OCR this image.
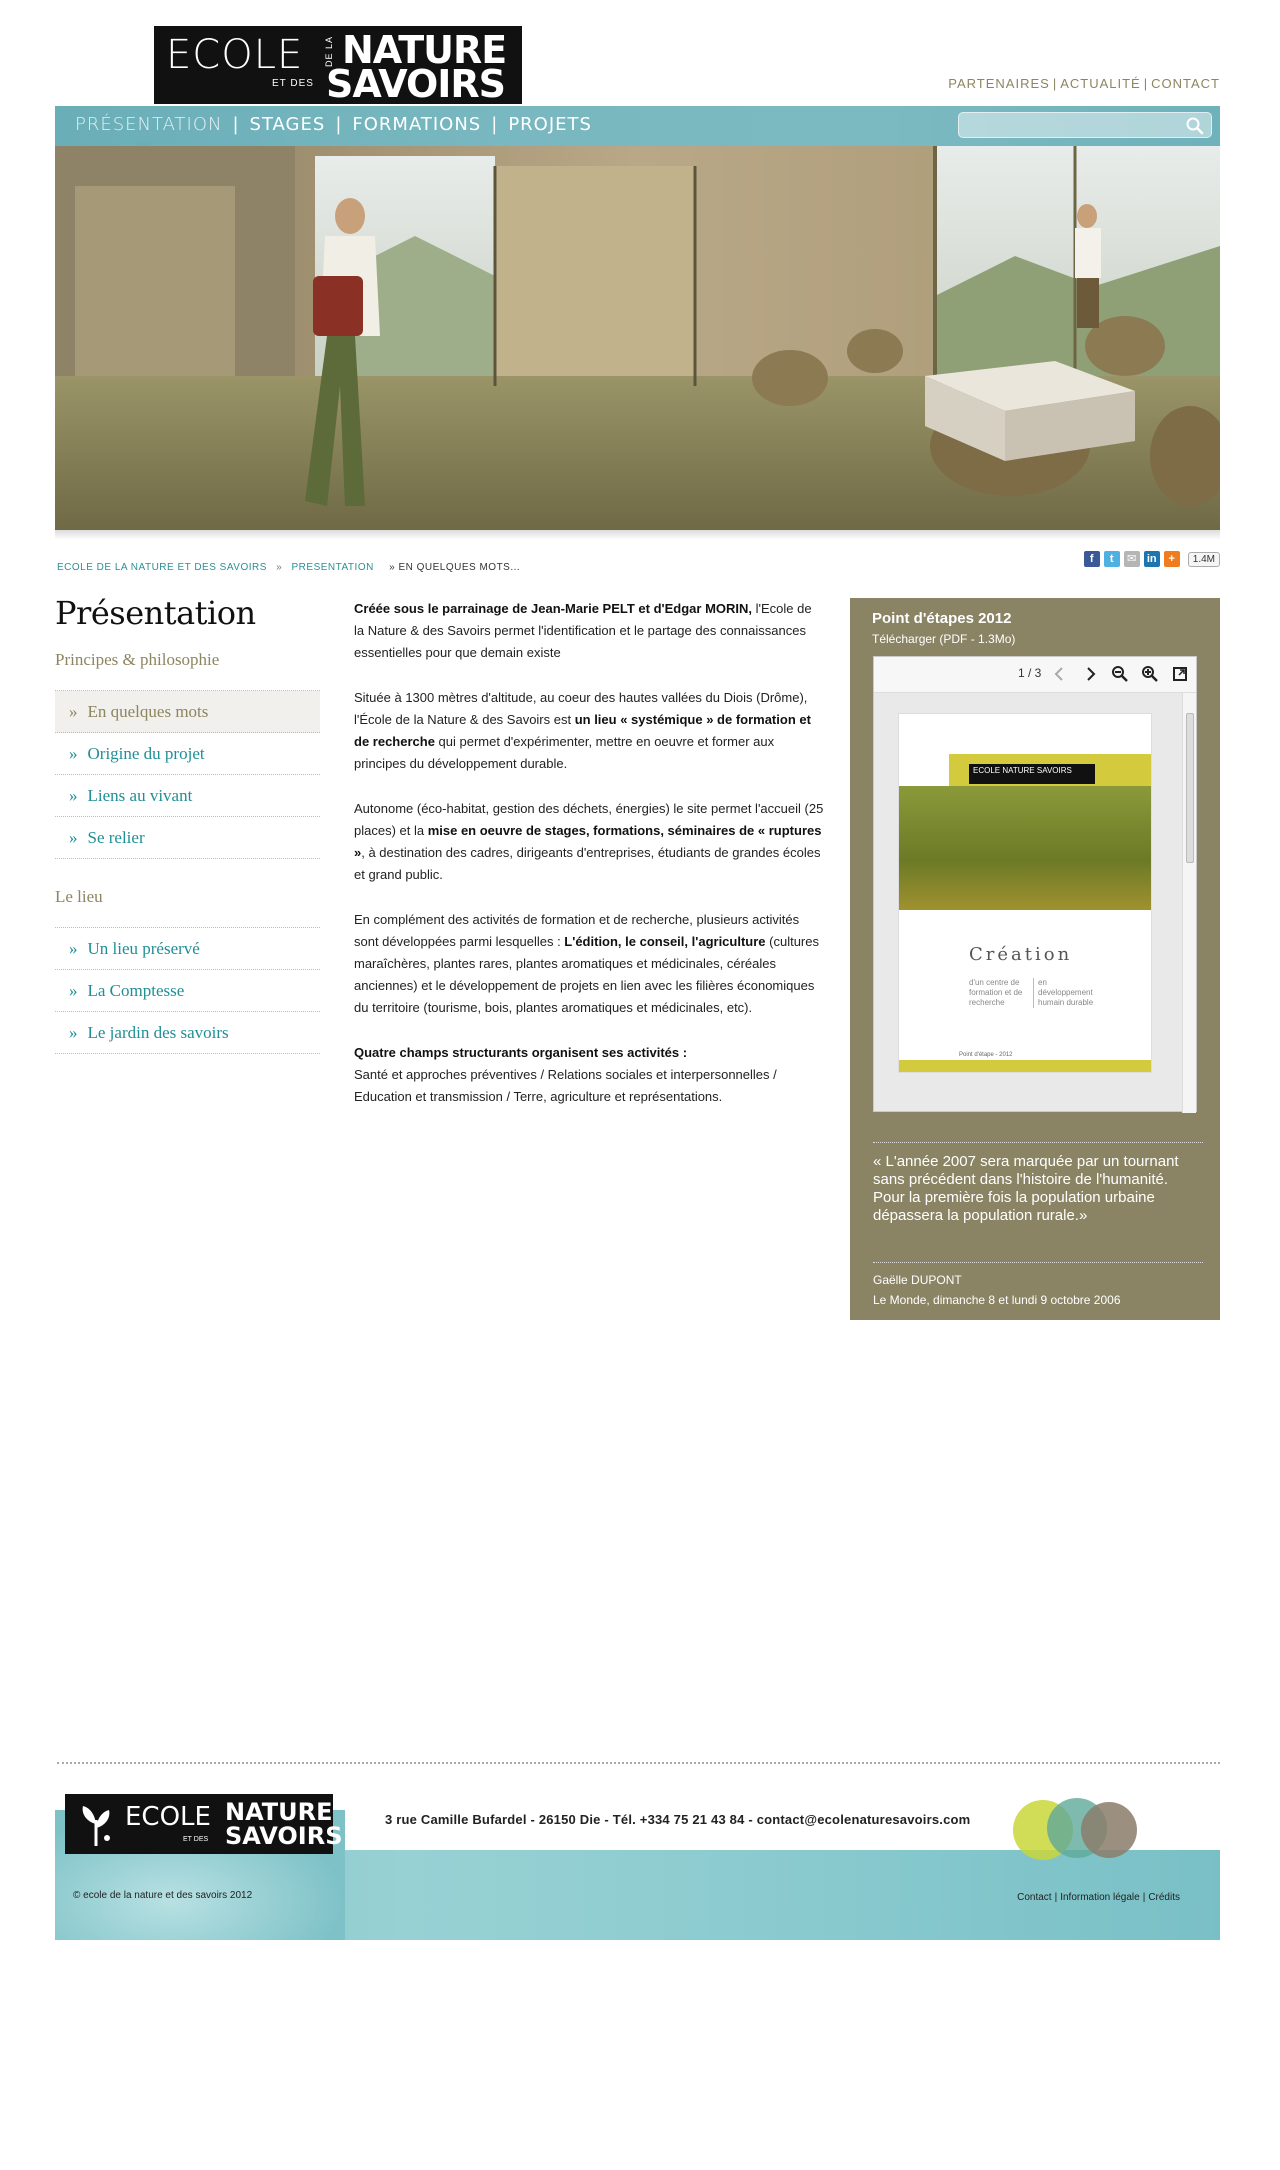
ECOLE DE LA NATURE
ET DES SAVOIRS	PARTENAIRES | ACTUALITÉ | CONTACT
PRÉSENTATION | STAGES | FORMATIONS | PROJETS
ECOLE DE LA NATURE ET DES SAVOIRS » PRESENTATION » EN QUELQUES MOTS...
f	t	✉ in	+	1.4M
Présentation
Principes & philosophie
» En quelques mots
» Origine du projet
» Liens au vivant
» Se relier
Le lieu
» Un lieu préservé
» La Comptesse
» Le jardin des savoirs

Créée sous le parrainage de Jean-Marie PELT et d'Edgar MORIN, l'Ecole de la Nature & des Savoirs permet l'identification et le partage des connaissances essentielles pour que demain existe

Située à 1300 mètres d'altitude, au coeur des hautes vallées du Diois (Drôme), l'École de la Nature & des Savoirs est un lieu « systémique » de formation et de recherche qui permet d'expérimenter, mettre en oeuvre et former aux principes du développement durable.

Autonome (éco-habitat, gestion des déchets, énergies) le site permet l'accueil (25 places) et la mise en oeuvre de stages, formations, séminaires de « ruptures », à destination des cadres, dirigeants d'entreprises, étudiants de grandes écoles et grand public.

En complément des activités de formation et de recherche, plusieurs activités sont développées parmi lesquelles : L'édition, le conseil, l'agriculture (cultures maraîchères, plantes rares, plantes aromatiques et médicinales, céréales anciennes) et le développement de projets en lien avec les filières économiques du territoire (tourisme, bois, plantes aromatiques et médicinales, etc).

Quatre champs structurants organisent ses activités :
Santé et approches préventives / Relations sociales et interpersonnelles / Education et transmission / Terre, agriculture et représentations.

Point d'étapes 2012
Télécharger (PDF - 1.3Mo)
1 / 3
ECOLE NATURE SAVOIRS
Création
d'un centre de formation et de recherche
en développement humain durable
Point d'étape - 2012
« L'année 2007 sera marquée par un tournant sans précédent dans l'histoire de l'humanité. Pour la première fois la population urbaine dépassera la population rurale.»
Gaëlle DUPONT
Le Monde, dimanche 8 et lundi 9 octobre 2006
ECOLE NATURE
ET DES SAVOIRS
3 rue Camille Bufardel - 26150 Die - Tél. +334 75 21 43 84 - contact@ecolenaturesavoirs.com
© ecole de la nature et des savoirs 2012	Contact | Information légale | Crédits
